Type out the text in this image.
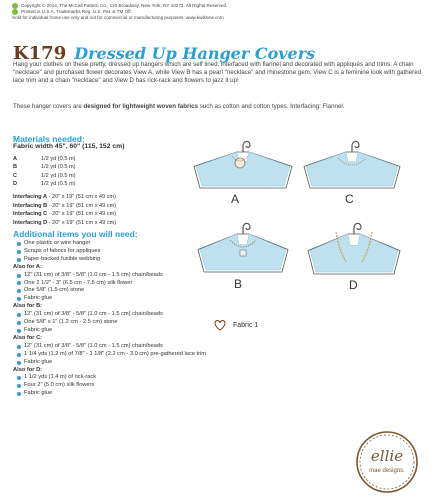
Copyright © 2014, The McCall Pattern Co., 120 Broadway, New York, NY 10271. All Rights Reserved.
Printed in U.S.A. Trademarks Reg. U.S. Pat. & TM Off.
Sold for individual home use only and not for commercial or manufacturing purposes. www.kwiksew.com
K179 Dressed Up Hanger Covers
Hang your clothes on these pretty, dressed up hangers which are self lined, interfaced with flannel and decorated with appliqués and trims. A chain "necklace" and purchased flower decorates View A, while View B has a pearl "necklace" and rhinestone gem. View C is a feminine look with gathered lace trim and a chain "necklace" and View D has rick-rack and flowers to jazz it up!
These hanger covers are designed for lightweight woven fabrics such as cotton and cotton types. Interfacing: Flannel.
Materials needed:
Fabric width 45", 60" (115, 152 cm)
A	1/2 yd (0.5 m)
B	1/2 yd (0.5 m)
C	1/2 yd (0.5 m)
D	1/2 yd (0.5 m)
Interfacing A - 20" x 19" (51 cm x 49 cm)
Interfacing B - 20" x 19" (51 cm x 49 cm)
Interfacing C - 20" x 19" (51 cm x 49 cm)
Interfacing D - 20" x 19" (51 cm x 49 cm)
Additional items you will need:
One plastic or wire hanger
Scraps of fabrics for appliques
Paper-backed fusible webbing
Also for A:
12" (31 cm) of 3/8" - 5/8" (1.0 cm - 1.5 cm) chain/beads
One 2 1/2" - 3" (6.5 cm - 7.5 cm) silk flower
One 5/8" (1.5 cm) stone
Fabric glue
Also for B:
12" (31 cm) of 3/8" - 5/8" (1.0 cm - 1.5 cm) chain/beads
One 5/8" x 1" (1.2 cm - 2.5 cm) stone
Fabric glue
Also for C:
12" (31 cm) of 3/8" - 5/8" (1.0 cm - 1.5 cm) chain/beads
1 1/4 yds (1.2 m) of 7/8" - 1 1/8" (2.2 cm - 3.0 cm) pre-gathered lace trim
Fabric glue
Also for D:
1 1/2 yds (1.4 m) of rick-rack
Four 2" (5.0 cm) silk flowers
Fabric glue
A	C
B	D
Fabric 1
ellie
mae designs.
